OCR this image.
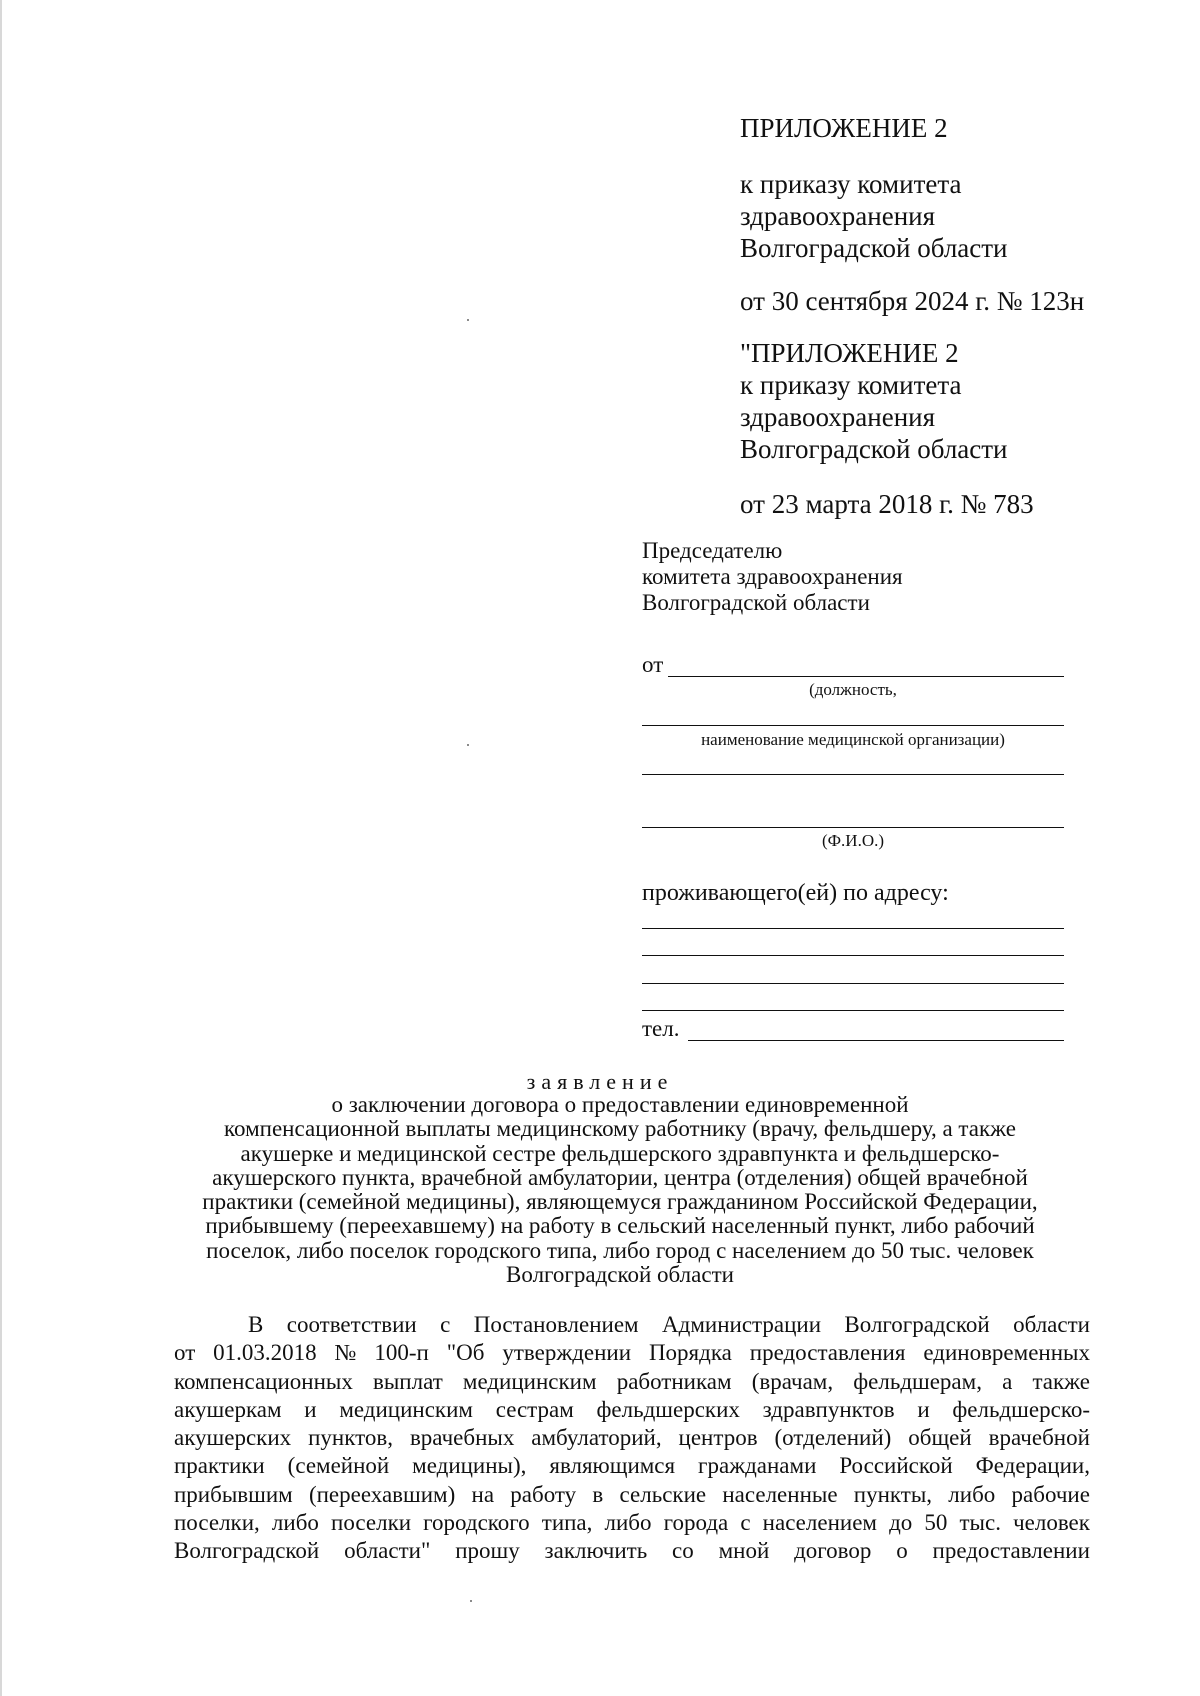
ПРИЛОЖЕНИЕ 2
к приказу комитета
здравоохранения
Волгоградской области
от 30 сентября 2024 г. № 123н
"ПРИЛОЖЕНИЕ 2
к приказу комитета
здравоохранения
Волгоградской области
от 23 марта 2018 г. № 783
Председателю
комитета здравоохранения
Волгоградской области
от
(должность,
наименование медицинской организации)
(Ф.И.О.)
проживающего(ей) по адресу:
тел.
заявление
о заключении договора о предоставлении единовременной
компенсационной выплаты медицинскому работнику (врачу, фельдшеру, а также
акушерке и медицинской сестре фельдшерского здравпункта и фельдшерско-
акушерского пункта, врачебной амбулатории, центра (отделения) общей врачебной
практики (семейной медицины), являющемуся гражданином Российской Федерации,
прибывшему (переехавшему) на работу в сельский населенный пункт, либо рабочий
поселок, либо поселок городского типа, либо город с населением до 50 тыс. человек
Волгоградской области
В соответствии с Постановлением Администрации Волгоградской области
от 01.03.2018 № 100-п "Об утверждении Порядка предоставления единовременных
компенсационных выплат медицинским работникам (врачам, фельдшерам, а также
акушеркам и медицинским сестрам фельдшерских здравпунктов и фельдшерско-
акушерских пунктов, врачебных амбулаторий, центров (отделений) общей врачебной
практики (семейной медицины), являющимся гражданами Российской Федерации,
прибывшим (переехавшим) на работу в сельские населенные пункты, либо рабочие
поселки, либо поселки городского типа, либо города с населением до 50 тыс. человек
Волгоградской области" прошу заключить со мной договор о предоставлении
